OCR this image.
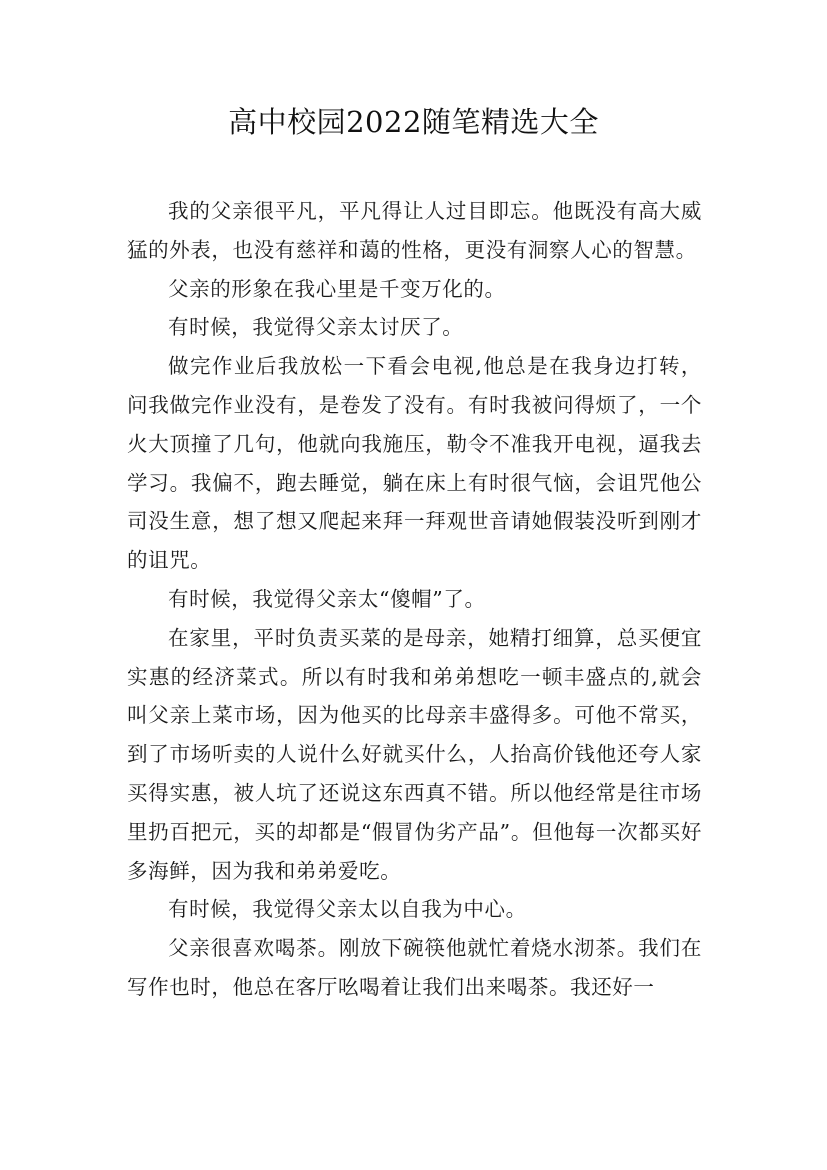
高中校园2022随笔精选大全

我的父亲很平凡，平凡得让人过目即忘。他既没有高大威猛的外表，也没有慈祥和蔼的性格，更没有洞察人心的智慧。

父亲的形象在我心里是千变万化的。

有时候，我觉得父亲太讨厌了。

做完作业后我放松一下看会电视,他总是在我身边打转，问我做完作业没有，是卷发了没有。有时我被问得烦了，一个火大顶撞了几句，他就向我施压，勒令不准我开电视，逼我去学习。我偏不，跑去睡觉，躺在床上有时很气恼，会诅咒他公司没生意，想了想又爬起来拜一拜观世音请她假装没听到刚才的诅咒。

有时候，我觉得父亲太“傻帽”了。

在家里，平时负责买菜的是母亲，她精打细算，总买便宜实惠的经济菜式。所以有时我和弟弟想吃一顿丰盛点的,就会叫父亲上菜市场，因为他买的比母亲丰盛得多。可他不常买，到了市场听卖的人说什么好就买什么，人抬高价钱他还夸人家买得实惠，被人坑了还说这东西真不错。所以他经常是往市场里扔百把元，买的却都是“假冒伪劣产品”。但他每一次都买好多海鲜，因为我和弟弟爱吃。

有时候，我觉得父亲太以自我为中心。

父亲很喜欢喝茶。刚放下碗筷他就忙着烧水沏茶。我们在写作也时，他总在客厅吆喝着让我们出来喝茶。我还好一
